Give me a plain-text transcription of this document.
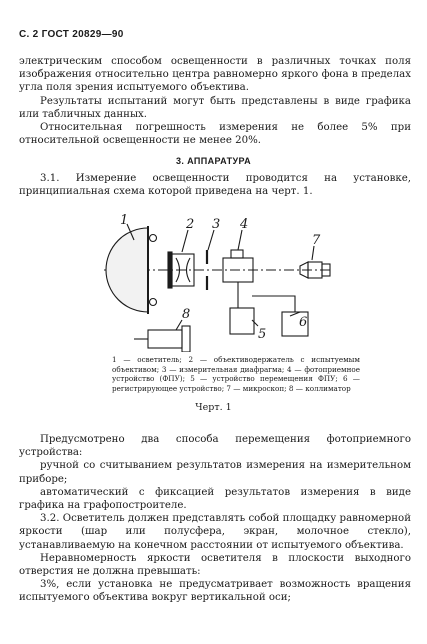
С. 2 ГОСТ 20829—90
электрическим способом освещенности в различных точках поля изображения относительно центра равномерно яркого фона в пределах угла поля зрения испытуемого объектива.
Результаты испытаний могут быть представлены в виде графика или табличных данных.
Относительная погрешность измерения не более 5% при относительной освещенности не менее 20%.
3. АППАРАТУРА
3.1. Измерение освещенности проводится на установке, принципиальная схема которой приведена на черт. 1.
1	2 3 4
5
6
7
8
1 — осветитель; 2 — объективодержатель с испытуемым объективом; 3 — измерительная диафрагма; 4 — фотоприемное устройство (ФПУ); 5 — устройство перемещения ФПУ; 6 — регистрирующее устройство; 7 — микроскоп; 8 — коллиматор
Черт. 1
Предусмотрено два способа перемещения фотоприемного устройства:
ручной со считыванием результатов измерения на измерительном приборе;
автоматический с фиксацией результатов измерения в виде графика на графопостроителе.
3.2. Осветитель должен представлять собой площадку равномерной яркости (шар или полусфера, экран, молочное стекло), устанавливаемую на конечном расстоянии от испытуемого объектива.
Неравномерность яркости осветителя в плоскости выходного отверстия не должна превышать:
3%, если установка не предусматривает возможность вращения испытуемого объектива вокруг вертикальной оси;
